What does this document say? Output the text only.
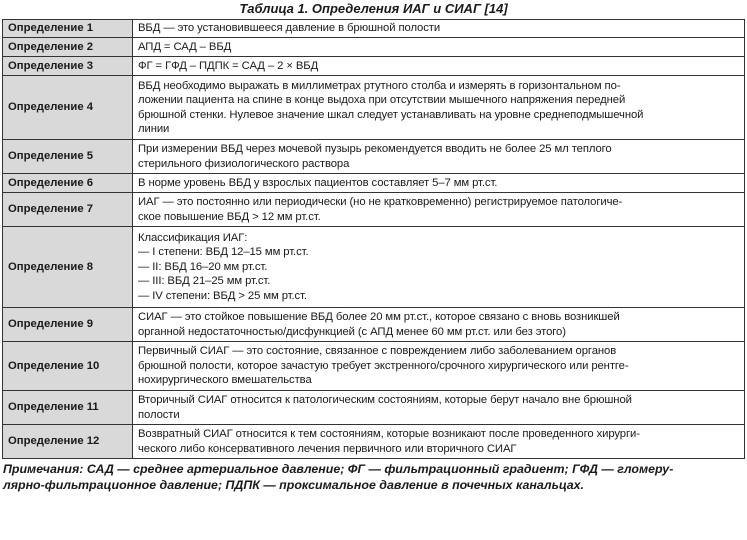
Таблица 1. Определения ИАГ и СИАГ [14]
Определение 1	ВБД — это установившееся давление в брюшной полости

Определение 2	АПД = САД – ВБД

Определение 3	ФГ = ГФД – ПДПК = САД – 2 × ВБД

Определение 4	ВБД необходимо выражать в миллиметрах ртутного столба и измерять в горизонтальном по-
ложении пациента на спине в конце выдоха при отсутствии мышечного напряжения передней
брюшной стенки. Нулевое значение шкал следует устанавливать на уровне среднеподмышечной
линии

Определение 5	При измерении ВБД через мочевой пузырь рекомендуется вводить не более 25 мл теплого
стерильного физиологического раствора

Определение 6	В норме уровень ВБД у взрослых пациентов составляет 5–7 мм рт.ст.

Определение 7	ИАГ — это постоянно или периодически (но не кратковременно) регистрируемое патологиче-
ское повышение ВБД > 12 мм рт.ст.

Определение 8	Классификация ИАГ:
— I степени: ВБД 12–15 мм рт.ст.
— II: ВБД 16–20 мм рт.ст.
— III: ВБД 21–25 мм рт.ст.
— IV степени: ВБД > 25 мм рт.ст.

Определение 9	СИАГ — это стойкое повышение ВБД более 20 мм рт.ст., которое связано с вновь возникшей
органной недостаточностью/дисфункцией (с АПД менее 60 мм рт.ст. или без этого)

Определение 10	Первичный СИАГ — это состояние, связанное с повреждением либо заболеванием органов
брюшной полости, которое зачастую требует экстренного/срочного хирургического или рентге-
нохирургического вмешательства

Определение 11	Вторичный СИАГ относится к патологическим состояниям, которые берут начало вне брюшной
полости

Определение 12	Возвратный СИАГ относится к тем состояниям, которые возникают после проведенного хирурги-
ческого либо консервативного лечения первичного или вторичного СИАГ
Примечания: САД — среднее артериальное давление; ФГ — фильтрационный градиент; ГФД — гломеру-
лярно-фильтрационное давление; ПДПК — проксимальное давление в почечных канальцах.
